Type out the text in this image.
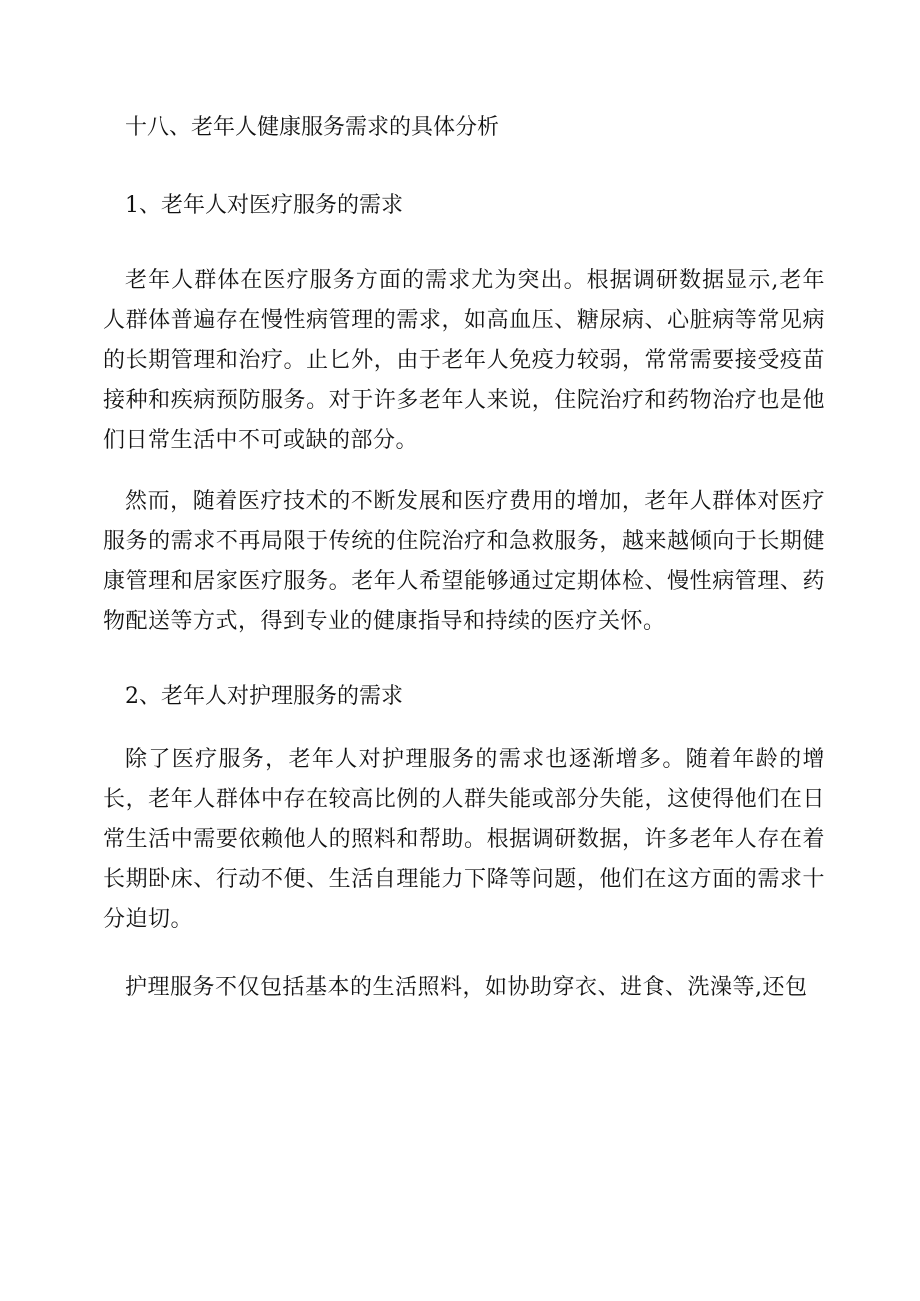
十八、老年人健康服务需求的具体分析
1、老年人对医疗服务的需求

老年人群体在医疗服务方面的需求尤为突出。根据调研数据显示,老年人群体普遍存在慢性病管理的需求，如高血压、糖尿病、心脏病等常见病的长期管理和治疗。止匕外，由于老年人免疫力较弱，常常需要接受疫苗接种和疾病预防服务。对于许多老年人来说，住院治疗和药物治疗也是他们日常生活中不可或缺的部分。

然而，随着医疗技术的不断发展和医疗费用的增加，老年人群体对医疗服务的需求不再局限于传统的住院治疗和急救服务，越来越倾向于长期健康管理和居家医疗服务。老年人希望能够通过定期体检、慢性病管理、药物配送等方式，得到专业的健康指导和持续的医疗关怀。

2、老年人对护理服务的需求

除了医疗服务，老年人对护理服务的需求也逐渐增多。随着年龄的增长，老年人群体中存在较高比例的人群失能或部分失能，这使得他们在日常生活中需要依赖他人的照料和帮助。根据调研数据，许多老年人存在着长期卧床、行动不便、生活自理能力下降等问题，他们在这方面的需求十分迫切。

护理服务不仅包括基本的生活照料，如协助穿衣、进食、洗澡等,还包
